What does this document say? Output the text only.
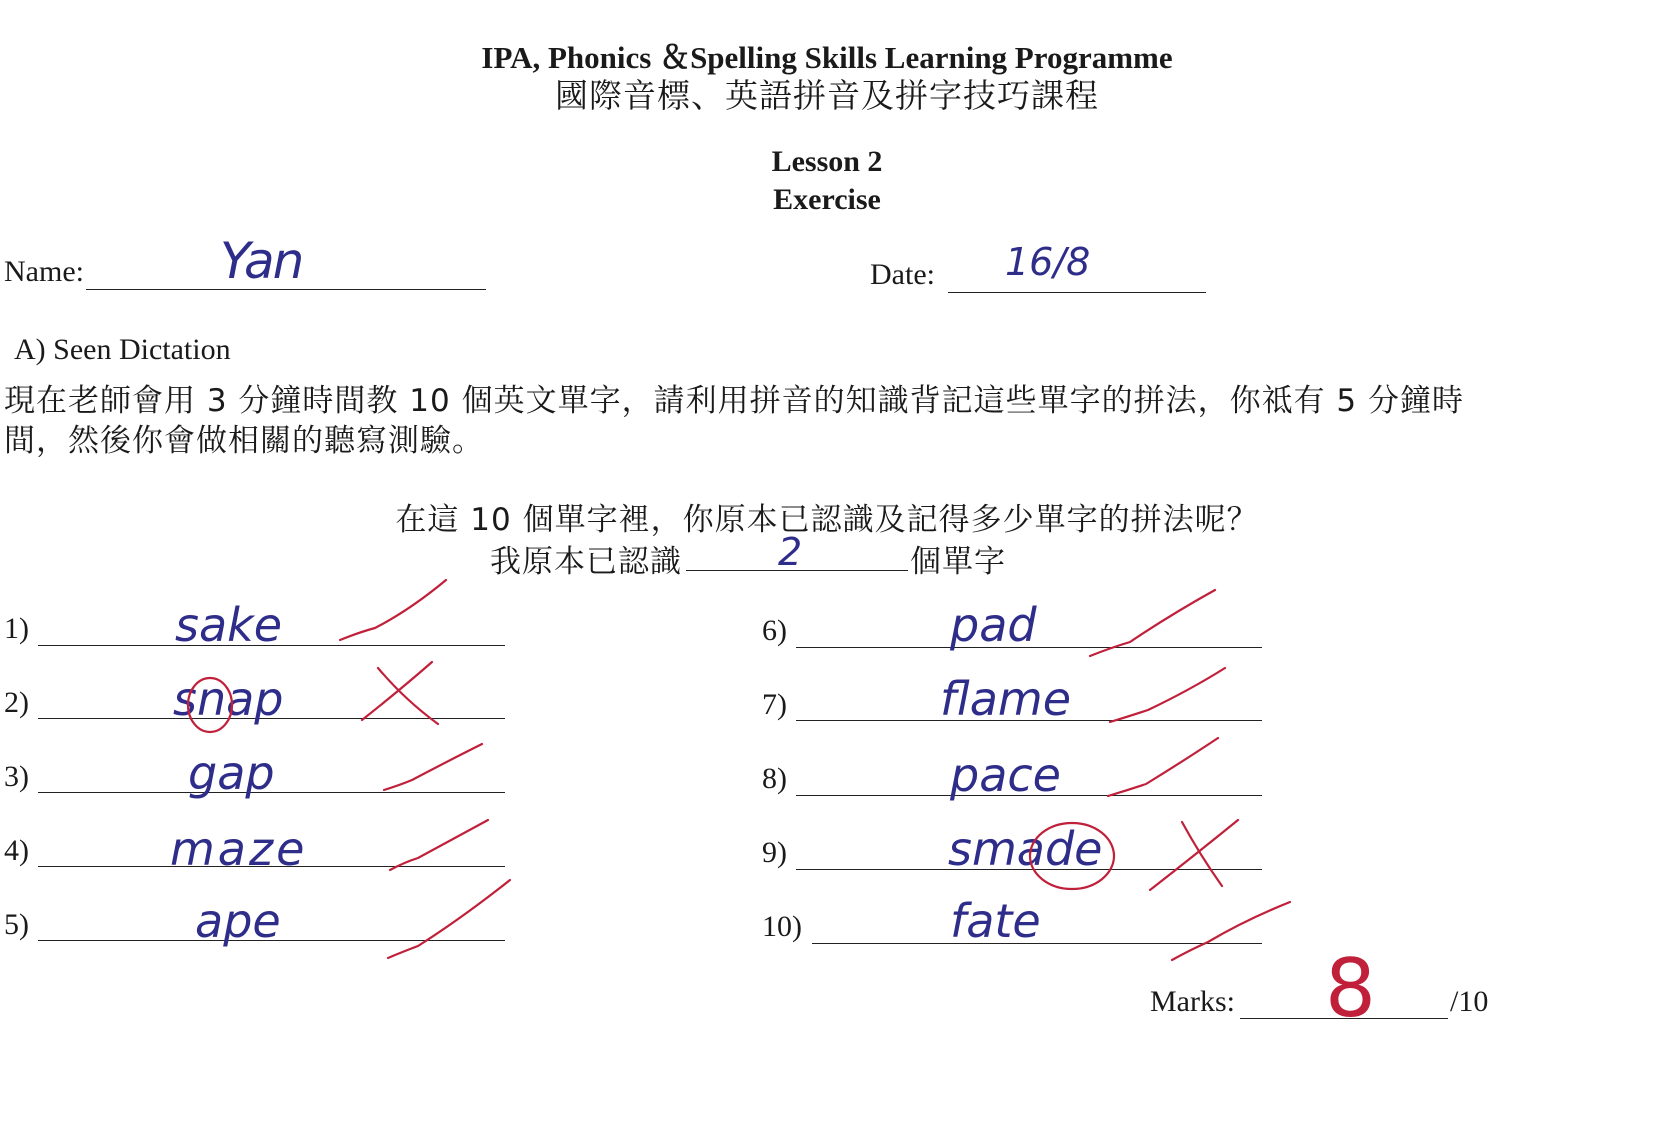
IPA, Phonics ＆Spelling Skills Learning Programme
國際音標、英語拼音及拼字技巧課程
Lesson 2
Exercise
Name:	Yan	Date: 16/8
A) Seen Dictation
現在老師會用 3 分鐘時間教 10 個英文單字，請利用拼音的知識背記這些單字的拼法，你祗有 5 分鐘時
間，然後你會做相關的聽寫測驗。
在這 10 個單字裡，你原本已認識及記得多少單字的拼法呢？
我原本已認識	2	個單字
1)	sake
2)	snap
3)	gap
4)	maze
5)	ape
6)	pad
7)	flame
8)	pace
9)	smade
10)	fate
Marks: 8 /10
